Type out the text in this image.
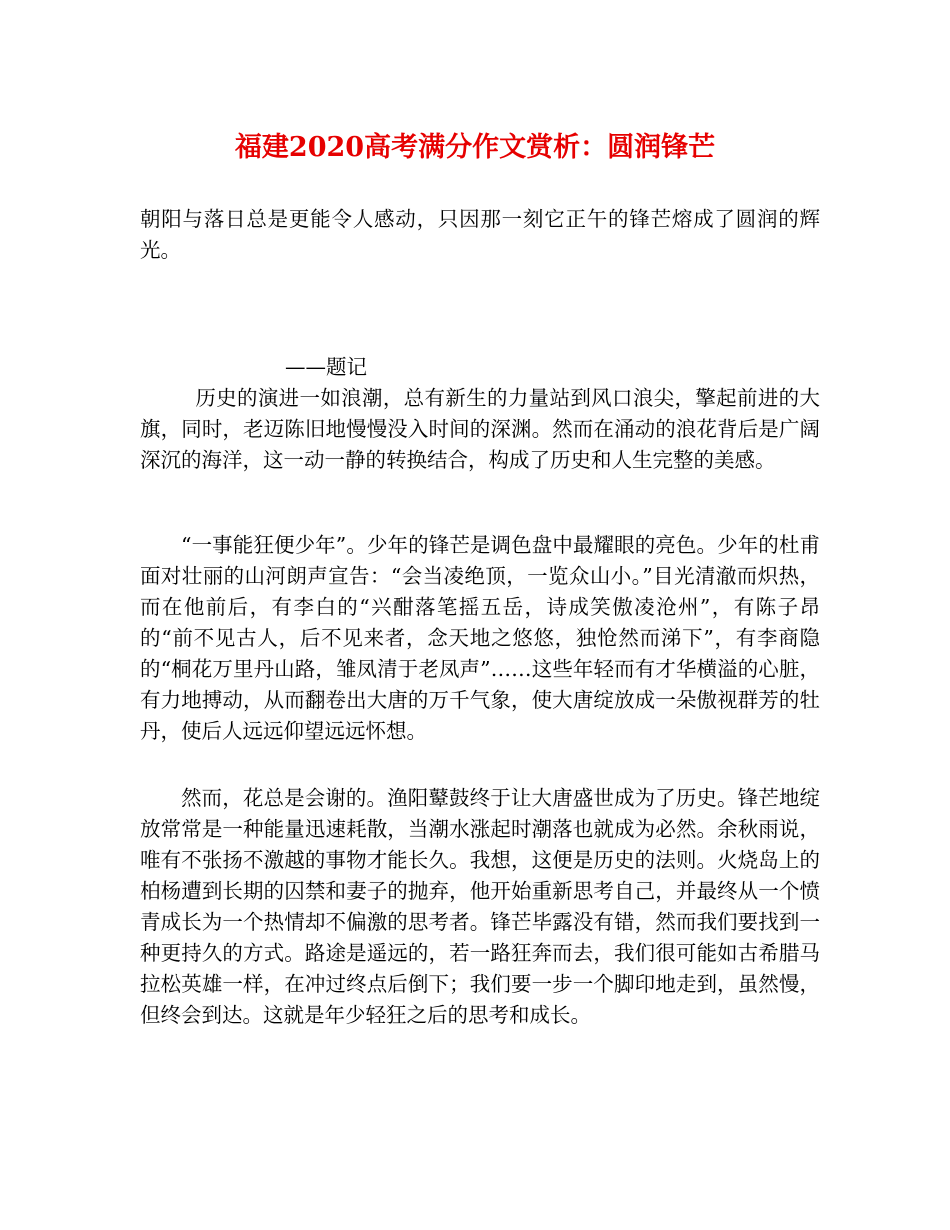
福建2020高考满分作文赏析：圆润锋芒

朝阳与落日总是更能令人感动，只因那一刻它正午的锋芒熔成了圆润的辉光。

——题记

历史的演进一如浪潮，总有新生的力量站到风口浪尖，擎起前进的大旗，同时，老迈陈旧地慢慢没入时间的深渊。然而在涌动的浪花背后是广阔深沉的海洋，这一动一静的转换结合，构成了历史和人生完整的美感。

“一事能狂便少年”。少年的锋芒是调色盘中最耀眼的亮色。少年的杜甫面对壮丽的山河朗声宣告：“会当凌绝顶，一览众山小。”目光清澈而炽热，而在他前后，有李白的“兴酣落笔摇五岳，诗成笑傲凌沧州”，有陈子昂的“前不见古人，后不见来者，念天地之悠悠，独怆然而涕下”，有李商隐的“桐花万里丹山路，雏凤清于老凤声”……这些年轻而有才华横溢的心脏，有力地搏动，从而翻卷出大唐的万千气象，使大唐绽放成一朵傲视群芳的牡丹，使后人远远仰望远远怀想。

然而，花总是会谢的。渔阳鼙鼓终于让大唐盛世成为了历史。锋芒地绽放常常是一种能量迅速耗散，当潮水涨起时潮落也就成为必然。余秋雨说，唯有不张扬不激越的事物才能长久。我想，这便是历史的法则。火烧岛上的柏杨遭到长期的囚禁和妻子的抛弃，他开始重新思考自己，并最终从一个愤青成长为一个热情却不偏激的思考者。锋芒毕露没有错，然而我们要找到一种更持久的方式。路途是遥远的，若一路狂奔而去，我们很可能如古希腊马拉松英雄一样，在冲过终点后倒下；我们要一步一个脚印地走到，虽然慢，但终会到达。这就是年少轻狂之后的思考和成长。
